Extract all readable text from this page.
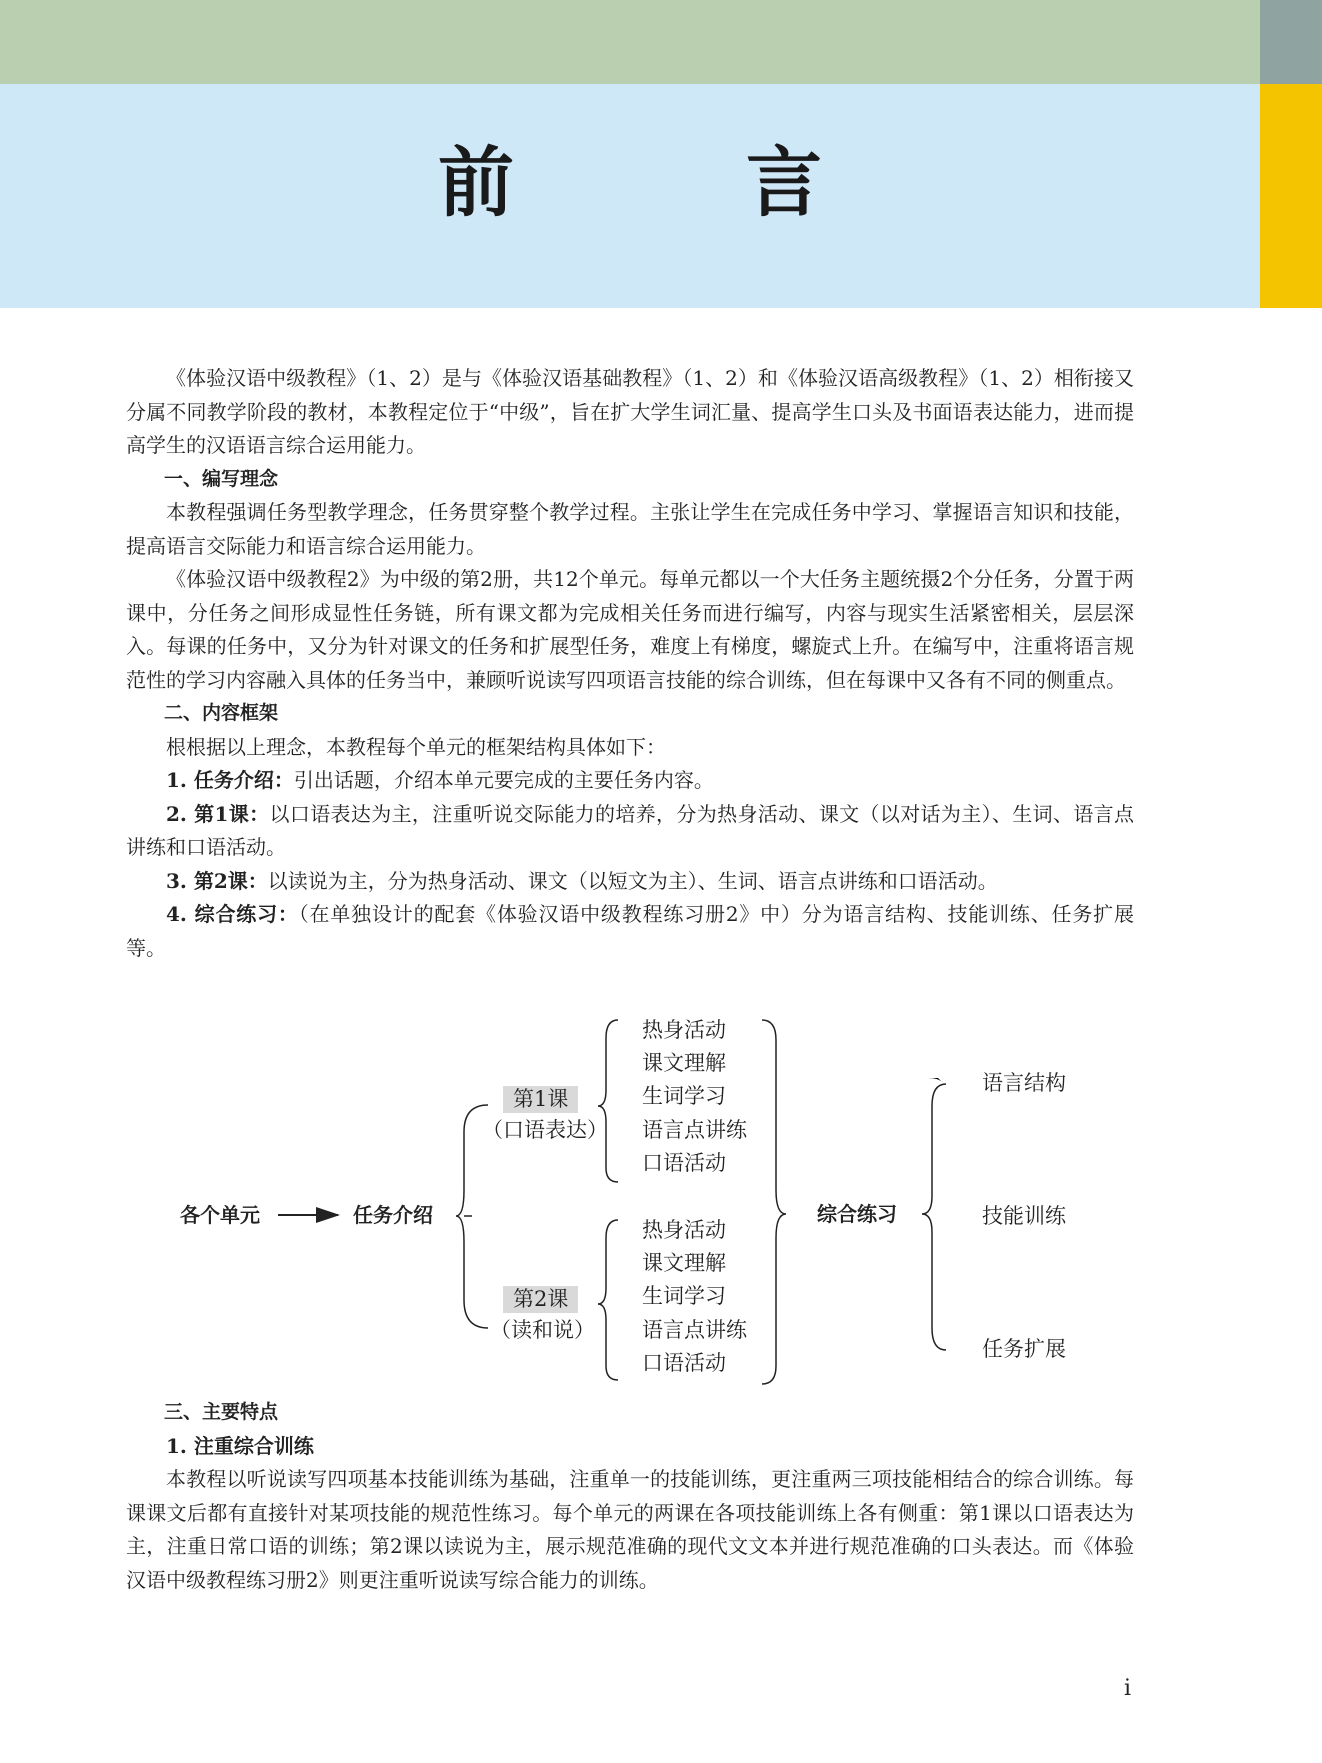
前　言

《体验汉语中级教程》（1、2）是与《体验汉语基础教程》（1、2）和《体验汉语高级教程》（1、2）相衔接又分属不同教学阶段的教材，本教程定位于“中级”，旨在扩大学生词汇量、提高学生口头及书面语表达能力，进而提高学生的汉语语言综合运用能力。

一、编写理念

本教程强调任务型教学理念，任务贯穿整个教学过程。主张让学生在完成任务中学习、掌握语言知识和技能，提高语言交际能力和语言综合运用能力。

《体验汉语中级教程2》为中级的第2册，共12个单元。每单元都以一个大任务主题统摄2个分任务，分置于两课中，分任务之间形成显性任务链，所有课文都为完成相关任务而进行编写，内容与现实生活紧密相关，层层深入。每课的任务中，又分为针对课文的任务和扩展型任务，难度上有梯度，螺旋式上升。在编写中，注重将语言规范性的学习内容融入具体的任务当中，兼顾听说读写四项语言技能的综合训练，但在每课中又各有不同的侧重点。

二、内容框架

根根据以上理念，本教程每个单元的框架结构具体如下：

1. 任务介绍：引出话题，介绍本单元要完成的主要任务内容。

2. 第1课：以口语表达为主，注重听说交际能力的培养，分为热身活动、课文（以对话为主）、生词、语言点讲练和口语活动。

3. 第2课：以读说为主，分为热身活动、课文（以短文为主）、生词、语言点讲练和口语活动。

4. 综合练习：（在单独设计的配套《体验汉语中级教程练习册2》中）分为语言结构、技能训练、任务扩展等。

各个单元	任务介绍
第1课
（口语表达）
第2课
（读和说）
热身活动
课文理解
生词学习
语言点讲练
口语活动
热身活动
课文理解
生词学习
语言点讲练
口语活动
综合练习
语言结构
技能训练
任务扩展

三、主要特点

1. 注重综合训练

本教程以听说读写四项基本技能训练为基础，注重单一的技能训练，更注重两三项技能相结合的综合训练。每课课文后都有直接针对某项技能的规范性练习。每个单元的两课在各项技能训练上各有侧重：第1课以口语表达为主，注重日常口语的训练；第2课以读说为主，展示规范准确的现代文文本并进行规范准确的口头表达。而《体验汉语中级教程练习册2》则更注重听说读写综合能力的训练。

i
